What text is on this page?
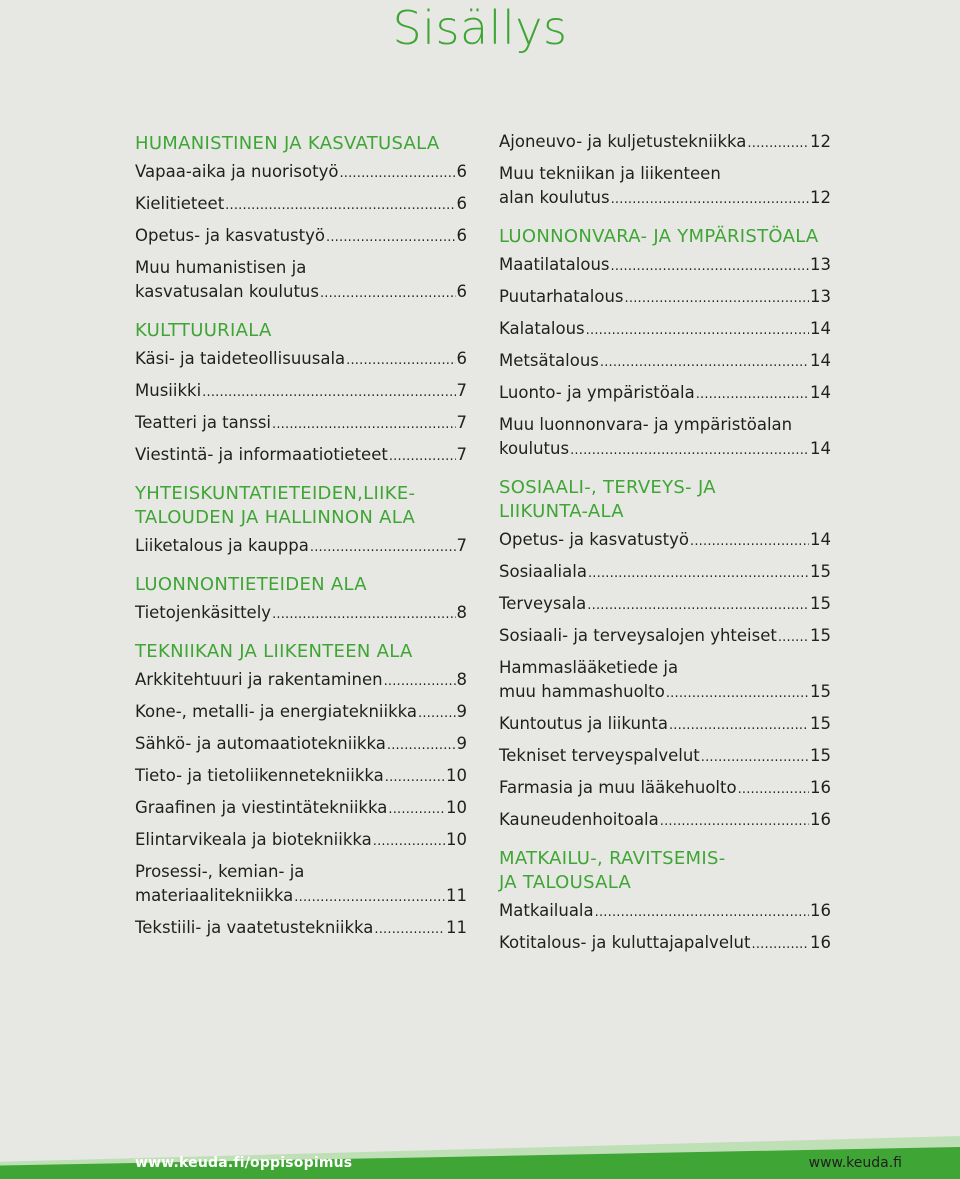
Sisällys
HUMANISTINEN JA KASVATUSALA
Vapaa-aika ja nuorisotyö .....	6
Kielitieteet .....	6
Opetus- ja kasvatustyö .....	6
Muu humanistisen ja
kasvatusalan koulutus .....	6
KULTTUURIALA
Käsi- ja taideteollisuusala .....	6
Musiikki .....	7
Teatteri ja tanssi .....	7
Viestintä- ja informaatiotieteet .....	7
YHTEISKUNTATIETEIDEN,LIIKE-
TALOUDEN JA HALLINNON ALA
Liiketalous ja kauppa .....	7
LUONNONTIETEIDEN ALA
Tietojenkäsittely .....	8
TEKNIIKAN JA LIIKENTEEN ALA
Arkkitehtuuri ja rakentaminen .....	8
Kone-, metalli- ja energiatekniikka ..... 9
Sähkö- ja automaatiotekniikka .....	9
Tieto- ja tietoliikennetekniikka .....	10
Graafinen ja viestintätekniikka .....	10
Elintarvikeala ja biotekniikka .....	10
Prosessi-, kemian- ja
materiaalitekniikka .....	11
Tekstiili- ja vaatetustekniikka .....	11
Ajoneuvo- ja kuljetustekniikka .....	12
Muu tekniikan ja liikenteen
alan koulutus .....	12
LUONNONVARA- JA YMPÄRISTÖALA
Maatilatalous .....	13
Puutarhatalous .....	13
Kalatalous .....	14
Metsätalous .....	14
Luonto- ja ympäristöala .....	14
Muu luonnonvara- ja ympäristöalan
koulutus .....	14
SOSIAALI-, TERVEYS- JA
LIIKUNTA-ALA
Opetus- ja kasvatustyö .....	14
Sosiaaliala .....	15
Terveysala .....	15
Sosiaali- ja terveysalojen yhteiset ..... 15
Hammaslääketiede ja
muu hammashuolto .....	15
Kuntoutus ja liikunta .....	15
Tekniset terveyspalvelut .....	15
Farmasia ja muu lääkehuolto .....	16
Kauneudenhoitoala .....	16
MATKAILU-, RAVITSEMIS-
JA TALOUSALA
Matkailuala .....	16
Kotitalous- ja kuluttajapalvelut .....	16
www.keuda.fi/oppisopimus	www.keuda.fi
